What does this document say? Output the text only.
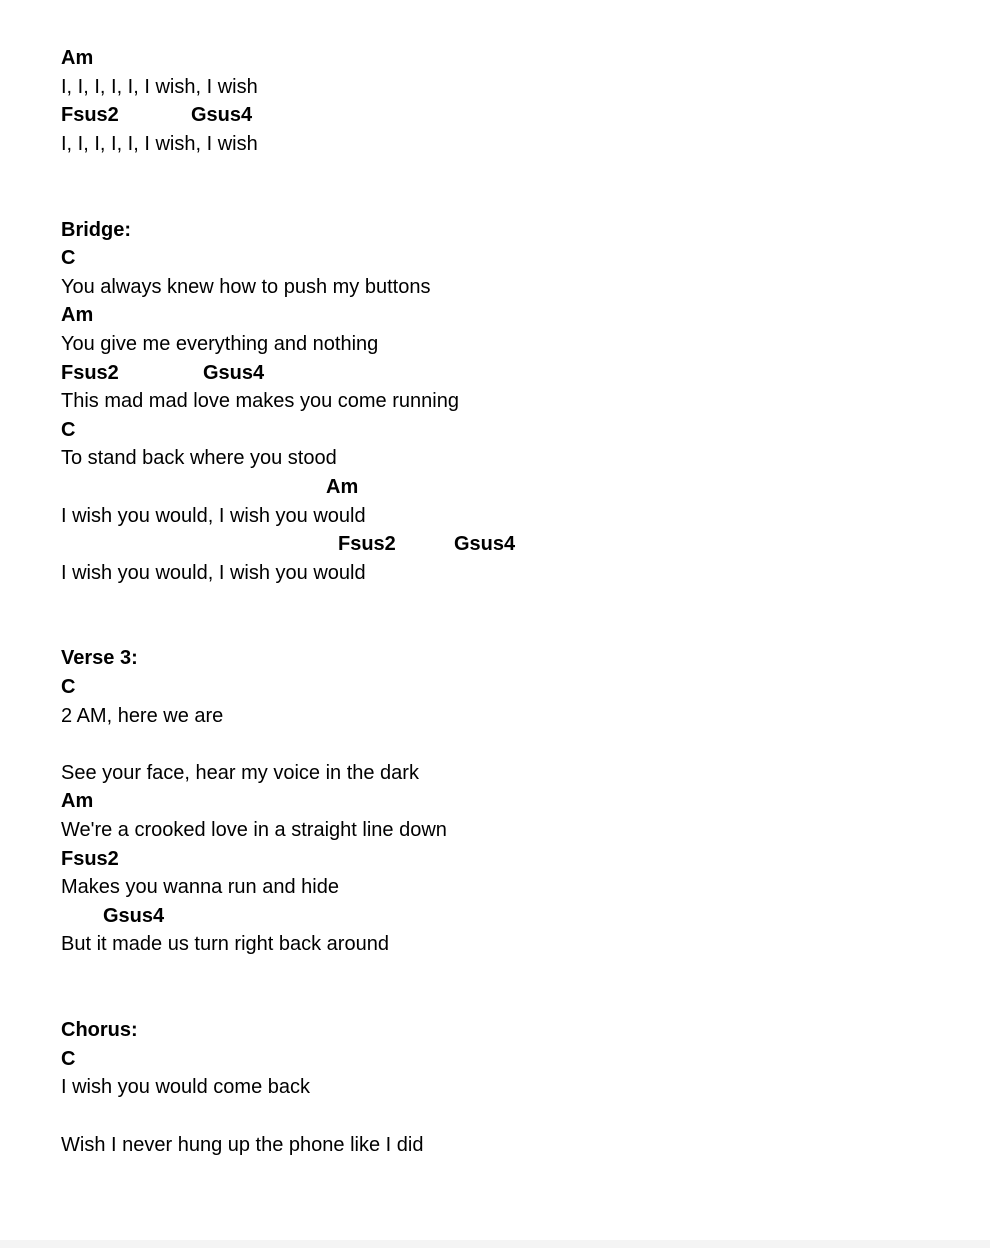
Am
I, I, I, I, I, I wish, I wish
Fsus2	Gsus4
I, I, I, I, I, I wish, I wish
Bridge:
C
You always knew how to push my buttons
Am
You give me everything and nothing
Fsus2	Gsus4
This mad mad love makes you come running
C
To stand back where you stood
Am
I wish you would, I wish you would
Fsus2	Gsus4
I wish you would, I wish you would
Verse 3:
C
2 AM, here we are
See your face, hear my voice in the dark
Am
We're a crooked love in a straight line down
Fsus2
Makes you wanna run and hide
Gsus4
But it made us turn right back around
Chorus:
C
I wish you would come back
Wish I never hung up the phone like I did
